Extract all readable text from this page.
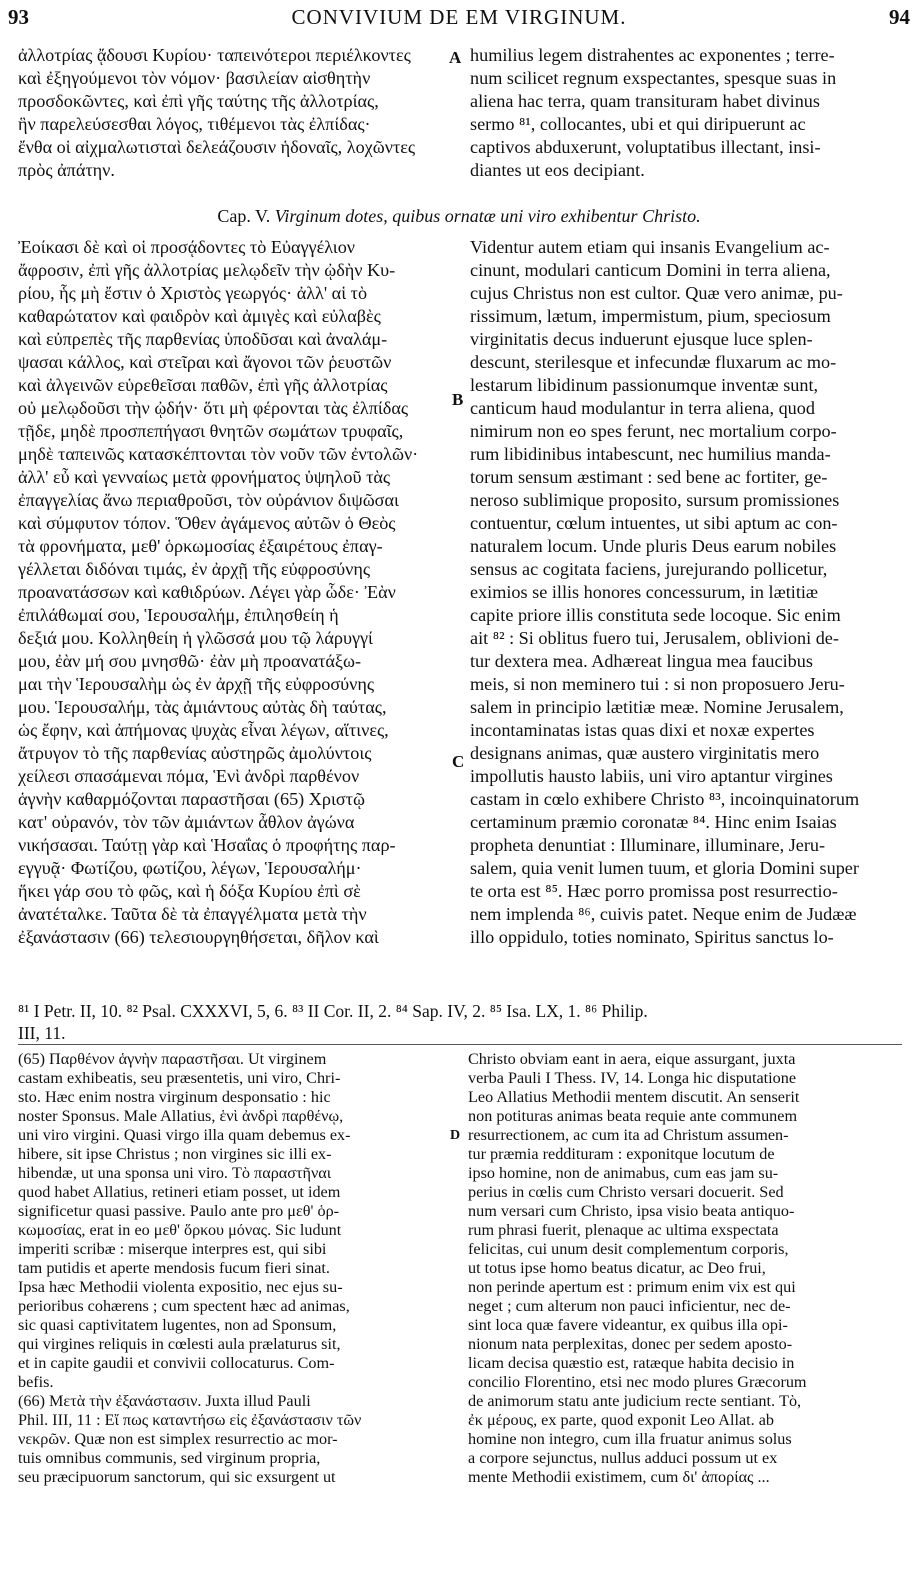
93	CONVIVIUM DE EM VIRGINUM.	94
ἀλλοτρίας ᾄδουσι Κυρίου· ταπεινότεροι περιέλκοντες
καὶ ἐξηγούμενοι τὸν νόμον· βασιλείαν αἰσθητὴν
προσδοκῶντες, καὶ ἐπὶ γῆς ταύτης τῆς ἀλλοτρίας,
ἣν παρελεύσεσθαι λόγος, τιθέμενοι τὰς ἐλπίδας·
ἔνθα οἱ αἰχμαλωτισταὶ δελεάζουσιν ἡδοναῖς, λοχῶντες
πρὸς ἀπάτην.
A humilius legem distrahentes ac exponentes ; terre-
num scilicet regnum exspectantes, spesque suas in
aliena hac terra, quam transituram habet divinus
sermo ⁸¹, collocantes, ubi et qui diripuerunt ac
captivos abduxerunt, voluptatibus illectant, insi-
diantes ut eos decipiant.
Cap. V. Virginum dotes, quibus ornatæ uni viro exhibentur Christo.
Ἐοίκασι δὲ καὶ οἱ προσᾴδοντες τὸ Εὐαγγέλιον
ἄφροσιν, ἐπὶ γῆς ἀλλοτρίας μελῳδεῖν τὴν ᾠδὴν Κυ-
ρίου, ἧς μὴ ἔστιν ὁ Χριστὸς γεωργός· ἀλλ' αἱ τὸ
καθαρώτατον καὶ φαιδρὸν καὶ ἀμιγὲς καὶ εὐλαβὲς
καὶ εὐπρεπὲς τῆς παρθενίας ὑποδῦσαι καὶ ἀναλάμ-
ψασαι κάλλος, καὶ στεῖραι καὶ ἄγονοι τῶν ῥευστῶν
καὶ ἀλγεινῶν εὑρεθεῖσαι παθῶν, ἐπὶ γῆς ἀλλοτρίας
οὐ μελῳδοῦσι τὴν ᾠδήν· ὅτι μὴ φέρονται τὰς ἐλπίδας
τῇδε, μηδὲ προσπεπήγασι θνητῶν σωμάτων τρυφαῖς,
μηδὲ ταπεινῶς κατασκέπτονται τὸν νοῦν τῶν ἐντολῶν·
ἀλλ' εὖ καὶ γενναίως μετὰ φρονήματος ὑψηλοῦ τὰς
ἐπαγγελίας ἄνω περιαθροῦσι, τὸν οὐράνιον διψῶσαι
καὶ σύμφυτον τόπον. Ὅθεν ἀγάμενος αὐτῶν ὁ Θεὸς
τὰ φρονήματα, μεθ' ὁρκωμοσίας ἐξαιρέτους ἐπαγ-
γέλλεται διδόναι τιμάς, ἐν ἀρχῇ τῆς εὐφροσύνης
προανατάσσων καὶ καθιδρύων. Λέγει γὰρ ὧδε· Ἐὰν
ἐπιλάθωμαί σου, Ἱερουσαλήμ, ἐπιλησθείη ἡ
δεξιά μου. Κολληθείη ἡ γλῶσσά μου τῷ λάρυγγί
μου, ἐὰν μή σου μνησθῶ· ἐὰν μὴ προανατάξω-
μαι τὴν Ἱερουσαλὴμ ὡς ἐν ἀρχῇ τῆς εὐφροσύνης
μου. Ἱερουσαλήμ, τὰς ἀμιάντους αὐτὰς δὴ ταύτας,
ὡς ἔφην, καὶ ἀπήμονας ψυχὰς εἶναι λέγων, αἵτινες,
ἄτρυγον τὸ τῆς παρθενίας αὐστηρῶς ἀμολύντοις
χείλεσι σπασάμεναι πόμα, Ἑνὶ ἀνδρὶ παρθένον
ἁγνὴν καθαρμόζονται παραστῆσαι (65) Χριστῷ
κατ' οὐρανόν, τὸν τῶν ἀμιάντων ἆθλον ἀγώνα
νικήσασαι. Ταύτῃ γὰρ καὶ Ἡσαΐας ὁ προφήτης παρ-
εγγυᾷ· Φωτίζου, φωτίζου, λέγων, Ἱερουσαλήμ·
ἥκει γάρ σου τὸ φῶς, καὶ ἡ δόξα Κυρίου ἐπὶ σὲ
ἀνατέταλκε. Ταῦτα δὲ τὰ ἐπαγγέλματα μετὰ τὴν
ἐξανάστασιν (66) τελεσιουργηθήσεται, δῆλον καὶ
B
C
Videntur autem etiam qui insanis Evangelium ac-
cinunt, modulari canticum Domini in terra aliena,
cujus Christus non est cultor. Quæ vero animæ, pu-
rissimum, lætum, impermistum, pium, speciosum
virginitatis decus induerunt ejusque luce splen-
descunt, sterilesque et infecundæ fluxarum ac mo-
lestarum libidinum passionumque inventæ sunt,
canticum haud modulantur in terra aliena, quod
nimirum non eo spes ferunt, nec mortalium corpo-
rum libidinibus intabescunt, nec humilius manda-
torum sensum æstimant : sed bene ac fortiter, ge-
neroso sublimique proposito, sursum promissiones
contuentur, cœlum intuentes, ut sibi aptum ac con-
naturalem locum. Unde pluris Deus earum nobiles
sensus ac cogitata faciens, jurejurando pollicetur,
eximios se illis honores concessurum, in lætitiæ
capite priore illis constituta sede locoque. Sic enim
ait ⁸² : Si oblitus fuero tui, Jerusalem, oblivioni de-
tur dextera mea. Adhæreat lingua mea faucibus
meis, si non meminero tui : si non proposuero Jeru-
salem in principio lætitiæ meæ. Nomine Jerusalem,
incontaminatas istas quas dixi et noxæ expertes
designans animas, quæ austero virginitatis mero
impollutis hausto labiis, uni viro aptantur virgines
castam in cœlo exhibere Christo ⁸³, incoinquinatorum
certaminum præmio coronatæ ⁸⁴. Hinc enim Isaias
propheta denuntiat : Illuminare, illuminare, Jeru-
salem, quia venit lumen tuum, et gloria Domini super
te orta est ⁸⁵. Hæc porro promissa post resurrectio-
nem implenda ⁸⁶, cuivis patet. Neque enim de Judææ
illo oppidulo, toties nominato, Spiritus sanctus lo-
⁸¹ I Petr. II, 10. ⁸² Psal. CXXXVI, 5, 6. ⁸³ II Cor. II, 2. ⁸⁴ Sap. IV, 2. ⁸⁵ Isa. LX, 1. ⁸⁶ Philip.
III, 11.
D
(65) Παρθένον ἁγνὴν παραστῆσαι. Ut virginem
castam exhibeatis, seu præsentetis, uni viro, Chri-
sto. Hæc enim nostra virginum desponsatio : hic
noster Sponsus. Male Allatius, ἑνὶ ἀνδρὶ παρθένῳ,
uni viro virgini. Quasi virgo illa quam debemus ex-
hibere, sit ipse Christus ; non virgines sic illi ex-
hibendæ, ut una sponsa uni viro. Τὸ παραστῆναι
quod habet Allatius, retineri etiam posset, ut idem
significetur quasi passive. Paulo ante pro μεθ' ὁρ-
κωμοσίας, erat in eo μεθ' ὅρκου μόνας. Sic ludunt
imperiti scribæ : miserque interpres est, qui sibi
tam putidis et aperte mendosis fucum fieri sinat.
Ipsa hæc Methodii violenta expositio, nec ejus su-
perioribus cohærens ; cum spectent hæc ad animas,
sic quasi captivitatem lugentes, non ad Sponsum,
qui virgines reliquis in cœlesti aula prælaturus sit,
et in capite gaudii et convivii collocaturus. Com-
befis.
(66) Μετὰ τὴν ἐξανάστασιν. Juxta illud Pauli
Phil. III, 11 : Εἴ πως καταντήσω εἰς ἐξανάστασιν τῶν
νεκρῶν. Quæ non est simplex resurrectio ac mor-
tuis omnibus communis, sed virginum propria,
seu præcipuorum sanctorum, qui sic exsurgent ut
Christo obviam eant in aera, eique assurgant, juxta
verba Pauli I Thess. IV, 14. Longa hic disputatione
Leo Allatius Methodii mentem discutit. An senserit
non potituras animas beata requie ante communem
resurrectionem, ac cum ita ad Christum assumen-
tur præmia reddituram : exponitque locutum de
ipso homine, non de animabus, cum eas jam su-
perius in cœlis cum Christo versari docuerit. Sed
num versari cum Christo, ipsa visio beata antiquo-
rum phrasi fuerit, plenaque ac ultima exspectata
felicitas, cui unum desit complementum corporis,
ut totus ipse homo beatus dicatur, ac Deo frui,
non perinde apertum est : primum enim vix est qui
neget ; cum alterum non pauci inficientur, nec de-
sint loca quæ favere videantur, ex quibus illa opi-
nionum nata perplexitas, donec per sedem aposto-
licam decisa quæstio est, ratæque habita decisio in
concilio Florentino, etsi nec modo plures Græcorum
de animorum statu ante judicium recte sentiant. Τὸ,
ἐκ μέρους, ex parte, quod exponit Leo Allat. ab
homine non integro, cum illa fruatur animus solus
a corpore sejunctus, nullus adduci possum ut ex
mente Methodii existimem, cum δι' ἀπορίας ...
